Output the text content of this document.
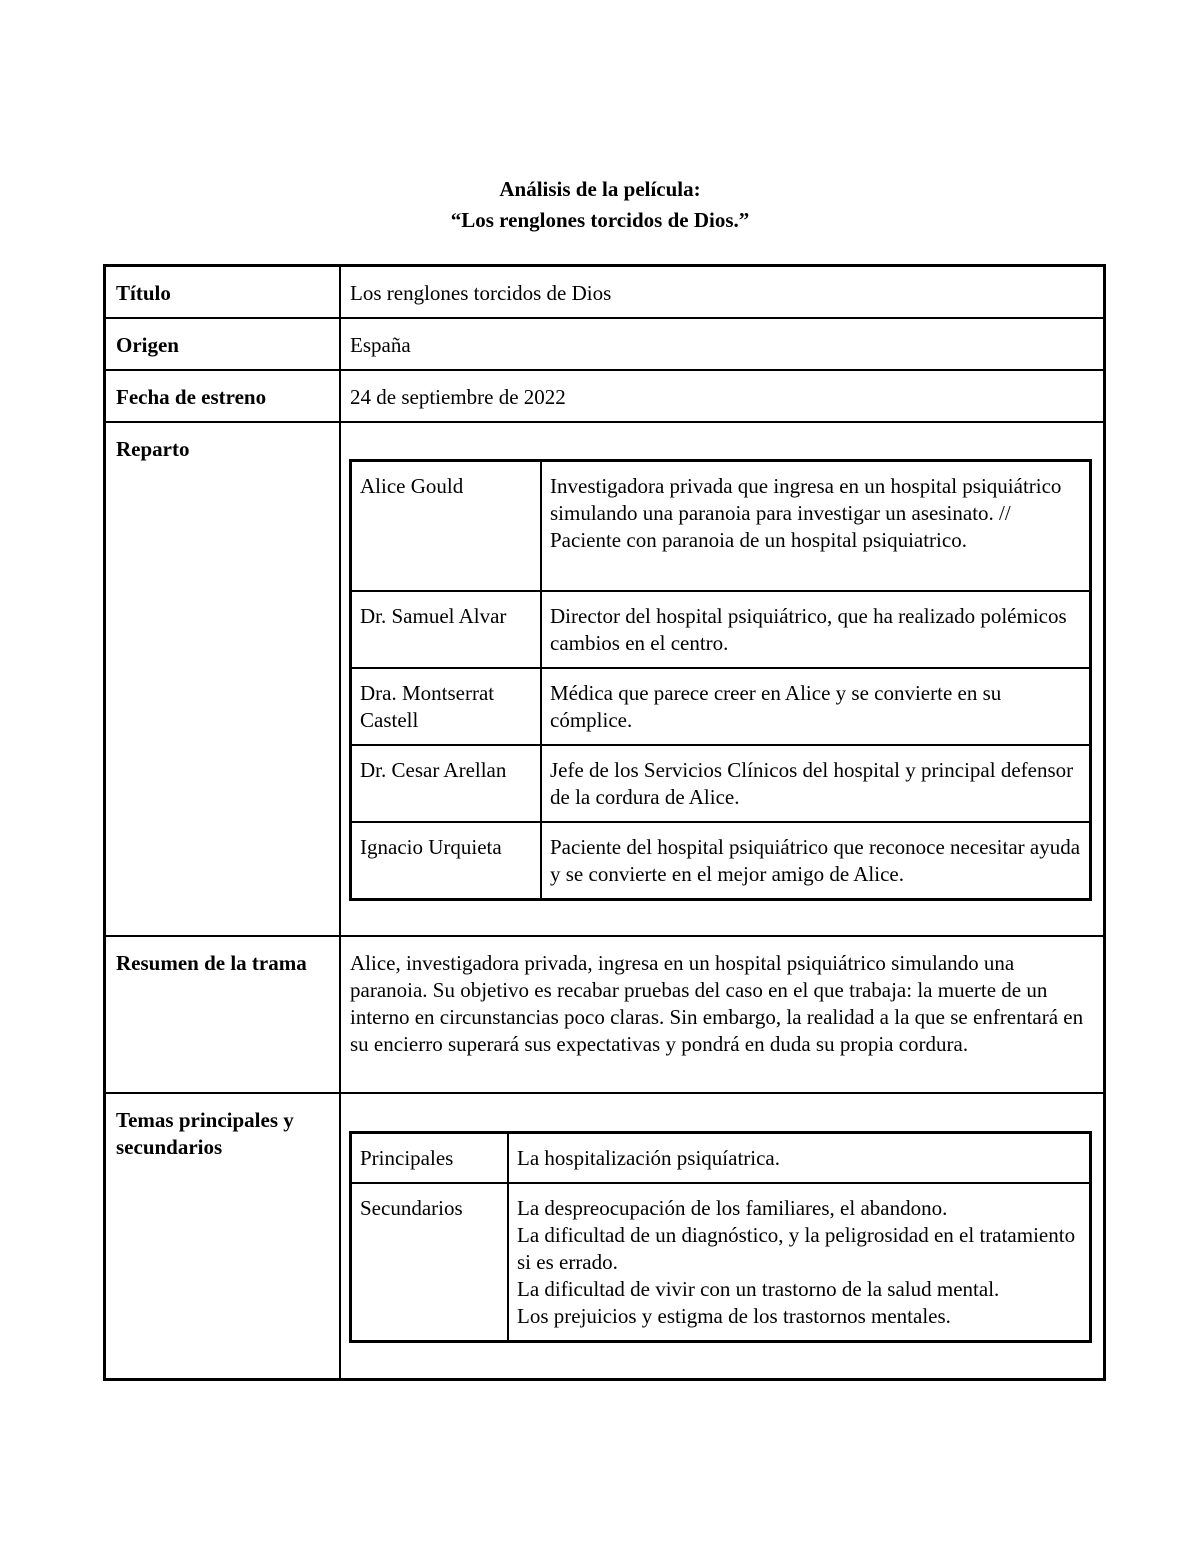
Análisis de la película:
“Los renglones torcidos de Dios.”
Título	Los renglones torcidos de Dios
Origen	España
Fecha de estreno	24 de septiembre de 2022
Reparto	
Alice Gould	Investigadora privada que ingresa en un hospital psiquiátrico simulando una paranoia para investigar un asesinato. // Paciente con paranoia de un hospital psiquiatrico.
Dr. Samuel Alvar	Director del hospital psiquiátrico, que ha realizado polémicos cambios en el centro.
Dra. Montserrat Castell	Médica que parece creer en Alice y se convierte en su cómplice.
Dr. Cesar Arellan	Jefe de los Servicios Clínicos del hospital y principal defensor de la cordura de Alice.
Ignacio Urquieta	Paciente del hospital psiquiátrico que reconoce necesitar ayuda y se convierte en el mejor amigo de Alice.

Resumen de la trama	Alice, investigadora privada, ingresa en un hospital psiquiátrico simulando una paranoia. Su objetivo es recabar pruebas del caso en el que trabaja: la muerte de un interno en circunstancias poco claras. Sin embargo, la realidad a la que se enfrentará en su encierro superará sus expectativas y pondrá en duda su propia cordura.
Temas principales y secundarios		Principales	La hospitalización psiquíatrica.

Secundarios	La despreocupación de los familiares, el abandono.
La dificultad de un diagnóstico, y la peligrosidad en el tratamiento si es errado.
La dificultad de vivir con un trastorno de la salud mental.
Los prejuicios y estigma de los trastornos mentales.
